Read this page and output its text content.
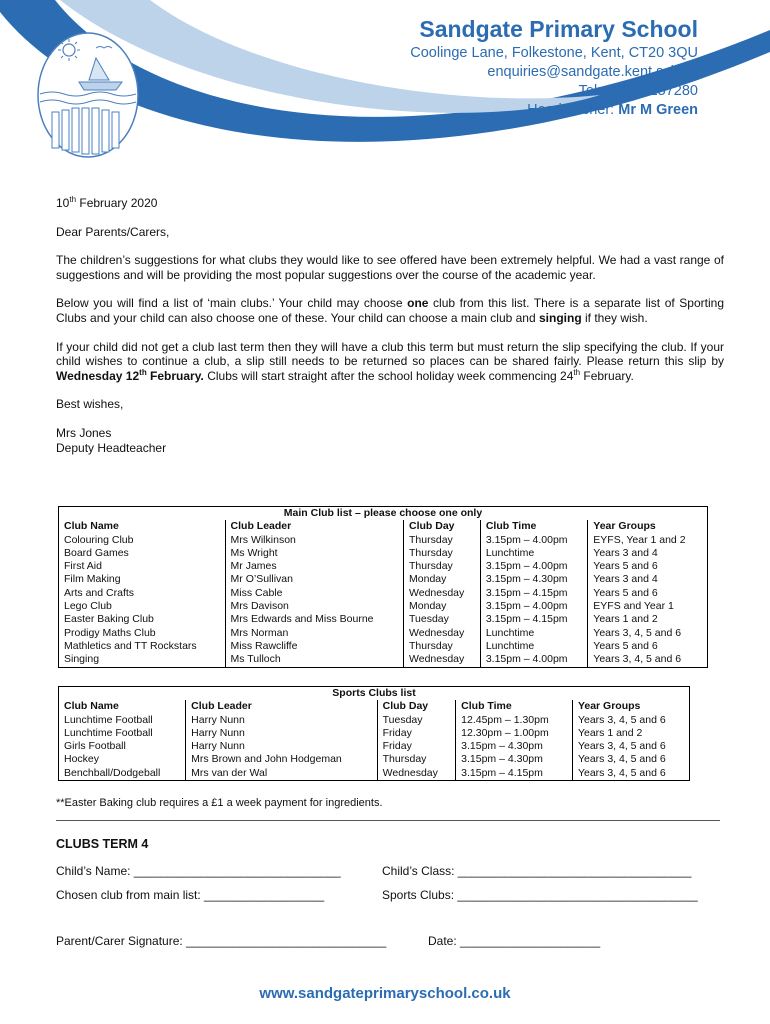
Sandgate Primary School
Coolinge Lane, Folkestone, Kent, CT20 3QU
enquiries@sandgate.kent.sch.uk
Tel: 01303 257280
Headteacher: Mr M Green

10th February 2020

Dear Parents/Carers,

The children’s suggestions for what clubs they would like to see offered have been extremely helpful. We had a vast range of suggestions and will be providing the most popular suggestions over the course of the academic year.

Below you will find a list of ‘main clubs.’ Your child may choose one club from this list. There is a separate list of Sporting Clubs and your child can also choose one of these. Your child can choose a main club and singing if they wish.

If your child did not get a club last term then they will have a club this term but must return the slip specifying the club. If your child wishes to continue a club, a slip still needs to be returned so places can be shared fairly. Please return this slip by Wednesday 12th February. Clubs will start straight after the school holiday week commencing 24th February.

Best wishes,

Mrs Jones

Deputy Headteacher

Main Club list – please choose one only				
Club Name	Club Leader	Club Day	Club Time	Year Groups
Colouring Club	Mrs Wilkinson	Thursday	3.15pm – 4.00pm	EYFS, Year 1 and 2
Board Games	Ms Wright	Thursday	Lunchtime	Years 3 and 4
First Aid	Mr James	Thursday	3.15pm – 4.00pm	Years 5 and 6
Film Making	Mr O’Sullivan	Monday	3.15pm – 4.30pm	Years 3 and 4
Arts and Crafts	Miss Cable	Wednesday	3.15pm – 4.15pm	Years 5 and 6
Lego Club	Mrs Davison	Monday	3.15pm – 4.00pm	EYFS and Year 1
Easter Baking Club	Mrs Edwards and Miss Bourne	Tuesday	3.15pm – 4.15pm	Years 1 and 2
Prodigy Maths Club	Mrs Norman	Wednesday	Lunchtime	Years 3, 4, 5 and 6
Mathletics and TT Rockstars	Miss Rawcliffe	Thursday	Lunchtime	Years 5 and 6
Singing	Ms Tulloch	Wednesday	3.15pm – 4.00pm	Years 3, 4, 5 and 6
Sports Clubs list				
Club Name	Club Leader	Club Day	Club Time	Year Groups
Lunchtime Football	Harry Nunn	Tuesday	12.45pm – 1.30pm	Years 3, 4, 5 and 6
Lunchtime Football	Harry Nunn	Friday	12.30pm – 1.00pm	Years 1 and 2
Girls Football	Harry Nunn	Friday	3.15pm – 4.30pm	Years 3, 4, 5 and 6
Hockey	Mrs Brown and John Hodgeman	Thursday	3.15pm – 4.30pm	Years 3, 4, 5 and 6
Benchball/Dodgeball	Mrs van der Wal	Wednesday	3.15pm – 4.15pm	Years 3, 4, 5 and 6
**Easter Baking club requires a £1 a week payment for ingredients.
CLUBS TERM 4
Child’s Name: _______________________________	Child’s Class: ___________________________________
Chosen club from main list: __________________	Sports Clubs: ____________________________________
Parent/Carer Signature: ______________________________	Date: _____________________
www.sandgateprimaryschool.co.uk
